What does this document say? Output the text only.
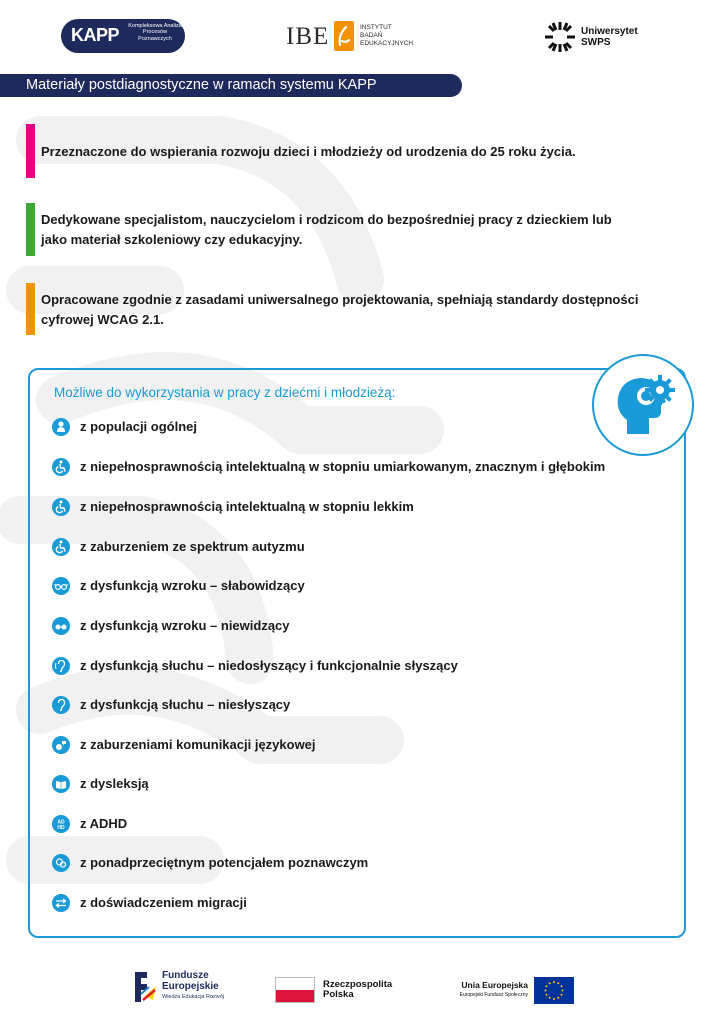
KAPP Kompleksowa Analiza Procesów Poznawczych	IBE	INSTYTUT
BADAŃ
EDUKACYJNYCH
Uniwersytet
SWPS
Materiały postdiagnostyczne w ramach systemu KAPP
Przeznaczone do wspierania rozwoju dzieci i młodzieży od urodzenia do 25 roku życia.
Dedykowane specjalistom, nauczycielom i rodzicom do bezpośredniej pracy z dzieckiem lub jako materiał szkoleniowy czy edukacyjny.
Opracowane zgodnie z zasadami uniwersalnego projektowania, spełniają standardy dostępności cyfrowej WCAG 2.1.
Możliwe do wykorzystania w pracy z dziećmi i młodzieżą:
z populacji ogólnej
z niepełnosprawnością intelektualną w stopniu umiarkowanym, znacznym i głębokim
z niepełnosprawnością intelektualną w stopniu lekkim
z zaburzeniem ze spektrum autyzmu
z dysfunkcją wzroku – słabowidzący
z dysfunkcją wzroku – niewidzący
z dysfunkcją słuchu – niedosłyszący i funkcjonalnie słyszący
z dysfunkcją słuchu – niesłyszący
z zaburzeniami komunikacji językowej
z dysleksją
AD
HD z ADHD
z ponadprzeciętnym potencjałem poznawczym
z doświadczeniem migracji
Fundusze
Europejskie
Wiedza Edukacja Rozwój
Rzeczpospolita
Polska
Unia Europejska
Europejski Fundusz Społeczny
